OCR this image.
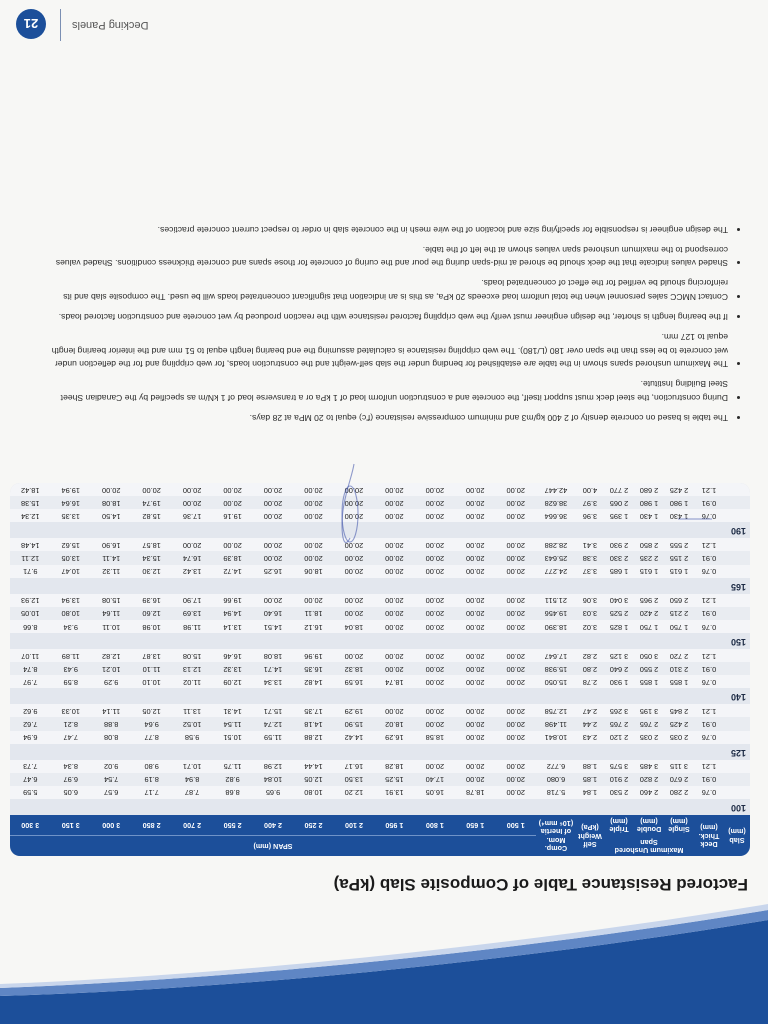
Factored Resistance Table of Composite Slab (kPa)
Slab
(mm)	Deck
Thick.
(mm)	Maximum Unshored Span			Self
Weight
(kPa)	Comp. Mom.
of Inertia
(10⁶ mm⁴)	SPAN (mm)												
		Single
(mm)	Double
(mm)	Triple
(mm)			1 500	1 650	1 800	1 950	2 100	2 250	2 400	2 550	2 700	2 850	3 000	3 150	3 300
100																			
	0.76	2 280	2 460	2 530	1.84	5.718	20.00	18.78	16.05	13.91	12.20	10.80	9.65	8.68	7.87	7.17	6.57	6.05	5.59
	0.91	2 670	2 820	2 910	1.85	6.080	20.00	20.00	17.40	15.25	13.50	12.05	10.84	9.82	8.94	8.19	7.54	6.97	6.47
	1.21	3 115	3 485	3 575	1.88	6.772	20.00	20.00	20.00	18.28	16.17	14.44	12.98	11.75	10.71	9.80	9.02	8.34	7.73
125																			
	0.76	2 035	2 035	2 120	2.43	10.841	20.00	20.00	18.58	16.29	14.42	12.88	11.59	10.51	9.58	8.77	8.08	7.47	6.94
	0.91	2 425	2 765	2 765	2.44	11.498	20.00	20.00	20.00	18.02	15.90	14.18	12.74	11.54	10.52	9.64	8.88	8.21	7.62
	1.21	2 845	3 195	3 265	2.47	12.758	20.00	20.00	20.00	20.00	19.29	17.35	15.71	14.31	13.11	12.05	11.14	10.33	9.62
140																			
	0.76	1 855	1 855	1 930	2.78	15.050	20.00	20.00	20.00	18.74	16.59	14.82	13.34	12.09	11.02	10.10	9.29	8.59	7.97
	0.91	2 310	2 550	2 640	2.80	15.938	20.00	20.00	20.00	20.00	18.32	16.35	14.71	13.32	12.13	11.10	10.21	9.43	8.74
	1.21	2 720	3 050	3 125	2.82	17.647	20.00	20.00	20.00	20.00	20.00	19.96	18.08	16.46	15.08	13.87	12.82	11.89	11.07
150																			
	0.76	1 750	1 750	1 825	3.02	18.390	20.00	20.00	20.00	20.00	18.04	16.12	14.51	13.14	11.98	10.98	10.11	9.34	8.66
	0.91	2 215	2 420	2 525	3.03	19.456	20.00	20.00	20.00	20.00	20.00	18.11	16.40	14.94	13.69	12.60	11.64	10.80	10.05
	1.21	2 650	2 965	3 040	3.06	21.511	20.00	20.00	20.00	20.00	20.00	20.00	20.00	19.66	17.90	16.39	15.08	13.94	12.93
165																			
	0.76	1 615	1 615	1 685	3.37	24.277	20.00	20.00	20.00	20.00	20.00	18.06	16.25	14.72	13.42	12.30	11.32	10.47	9.71
	0.91	2 155	2 235	2 330	3.38	25.643	20.00	20.00	20.00	20.00	20.00	20.00	20.00	18.39	16.74	15.34	14.11	13.05	12.11
	1.21	2 555	2 850	2 930	3.41	28.288	20.00	20.00	20.00	20.00	20.00	20.00	20.00	20.00	20.00	18.57	16.90	15.62	14.48
190																			
	0.76	1 430	1 430	1 395	3.96	36.664	20.00	20.00	20.00	20.00	20.00	20.00	20.00	19.16	17.36	15.82	14.50	13.35	12.34
	0.91	1 980	1 980	2 065	3.97	38.628	20.00	20.00	20.00	20.00	20.00	20.00	20.00	20.00	20.00	19.74	18.08	16.64	15.38
	1.21	2 425	2 680	2 770	4.00	42.447	20.00	20.00	20.00	20.00	20.00	20.00	20.00	20.00	20.00	20.00	20.00	19.94	18.42
• The table is based on concrete density of 2 400 kg/m3 and minimum compressive resistance (f'c) equal to 20 MPa at 28 days.
• During construction, the steel deck must support itself, the concrete and a construction uniform load of 1 kPa or a transverse load of 1 kN/m as specified by the Canadian Sheet Steel Building Institute.
• The Maximum unshored spans shown in the table are established for bending under the slab self-weight and the construction loads, for web crippling and for the deflection under wet concrete to be less than the span over 180 (L/180). The web crippling resistance is calculated assuming the end bearing length equal to 51 mm and the interior bearing length equal to 127 mm.
• If the bearing length is shorter, the design engineer must verify the web crippling factored resistance with the reaction produced by wet concrete and construction factored loads.
• Contact NMCC sales personnel when the total uniform load exceeds 20 kPa, as this is an indication that significant concentrated loads will be used. The composite slab and its reinforcing should be verified for the effect of concentrated loads.
• Shaded values indicate that the deck should be shored at mid-span during the pour and the curing of concrete for those spans and concrete thickness conditions. Shaded values correspond to the maximum unshored span values shown at the left of the table.
• The design engineer is responsible for specifying size and location of the wire mesh in the concrete slab in order to respect current concrete practices.
Decking Panels
21
